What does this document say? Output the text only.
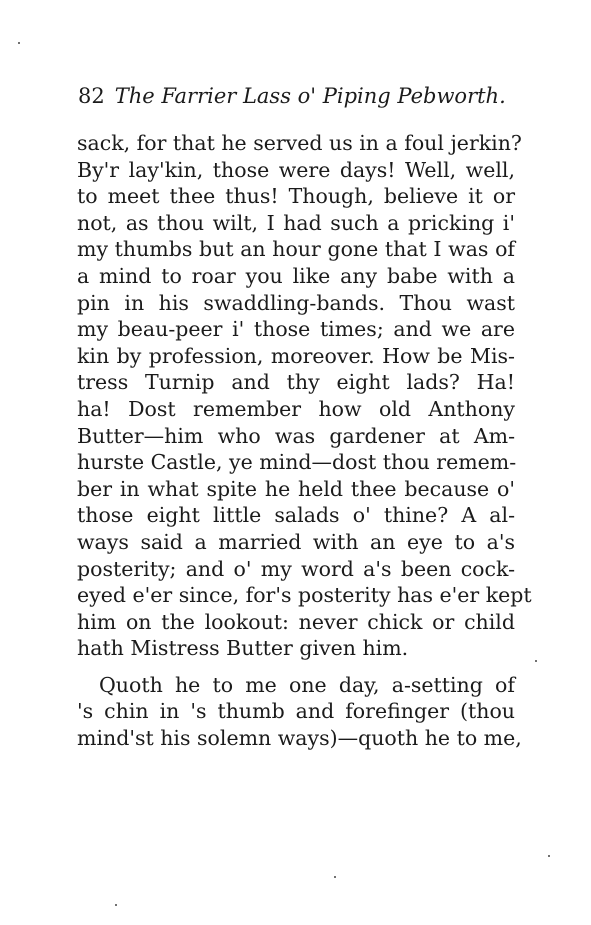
82 The Farrier Lass o' Piping Pebworth.
sack, for that he served us in a foul jerkin?
By'r lay'kin, those were days! Well, well,
to meet thee thus! Though, believe it or
not, as thou wilt, I had such a pricking i'
my thumbs but an hour gone that I was of
a mind to roar you like any babe with a
pin in his swaddling-bands. Thou wast
my beau-peer i' those times; and we are
kin by profession, moreover. How be Mis-
tress Turnip and thy eight lads? Ha!
ha! Dost remember how old Anthony
Butter—him who was gardener at Am-
hurste Castle, ye mind—dost thou remem-
ber in what spite he held thee because o'
those eight little salads o' thine? A al-
ways said a married with an eye to a's
posterity; and o' my word a's been cock-
eyed e'er since, for's posterity has e'er kept
him on the lookout: never chick or child
hath Mistress Butter given him.
Quoth he to me one day, a-setting of
's chin in 's thumb and forefinger (thou
mind'st his solemn ways)—quoth he to me,
